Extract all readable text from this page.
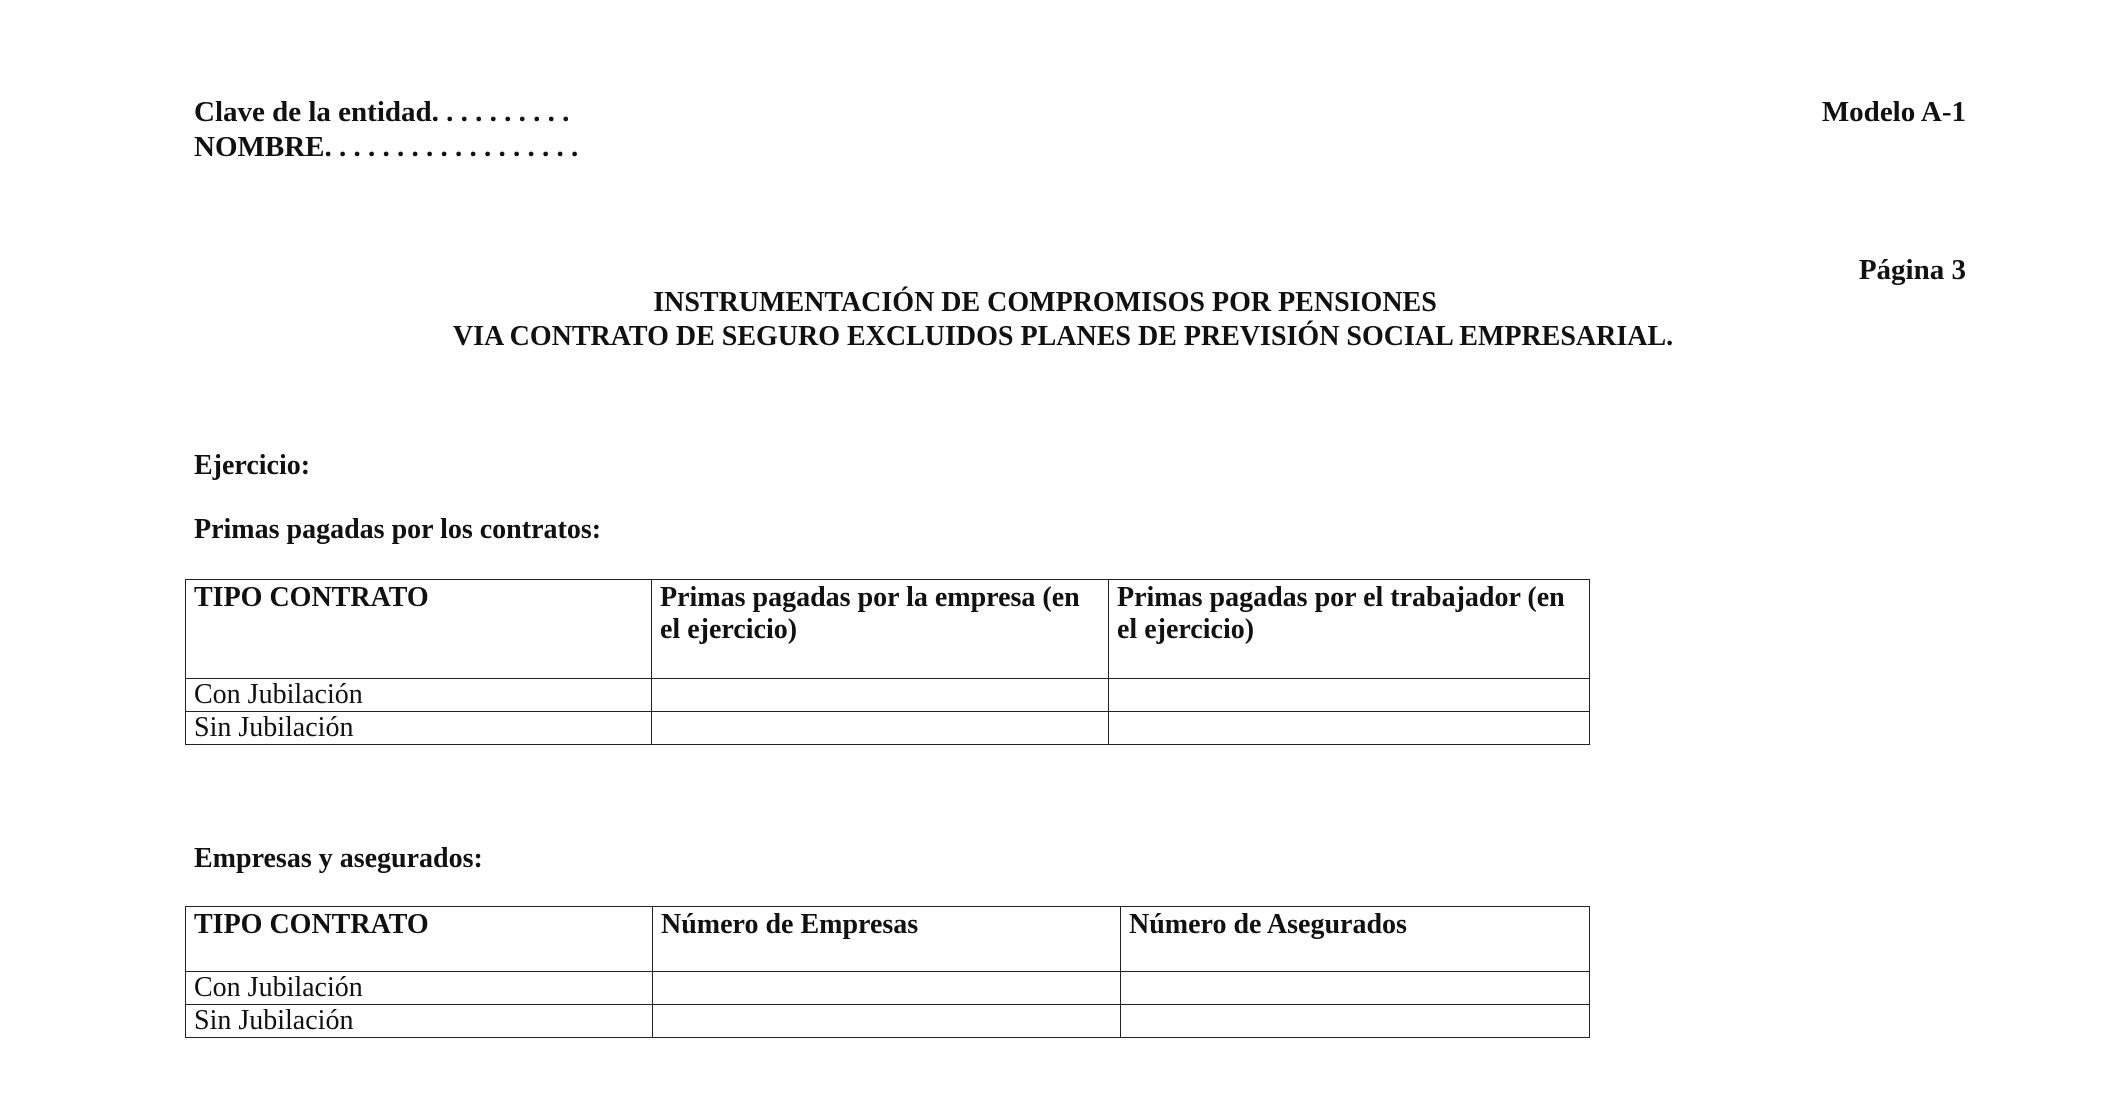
Clave de la entidad. . . . . . . . . .
NOMBRE. . . . . . . . . . . . . . . . . .
Modelo A-1
Página 3
INSTRUMENTACIÓN DE COMPROMISOS POR PENSIONES
VIA CONTRATO DE SEGURO EXCLUIDOS PLANES DE PREVISIÓN SOCIAL EMPRESARIAL.
Ejercicio:
Primas pagadas por los contratos:
TIPO CONTRATO	Primas pagadas por la empresa (en el ejercicio)	Primas pagadas por el trabajador (en el ejercicio)
Con Jubilación		
Sin Jubilación		
Empresas y asegurados:
TIPO CONTRATO	Número de Empresas	Número de Asegurados
Con Jubilación		
Sin Jubilación		
